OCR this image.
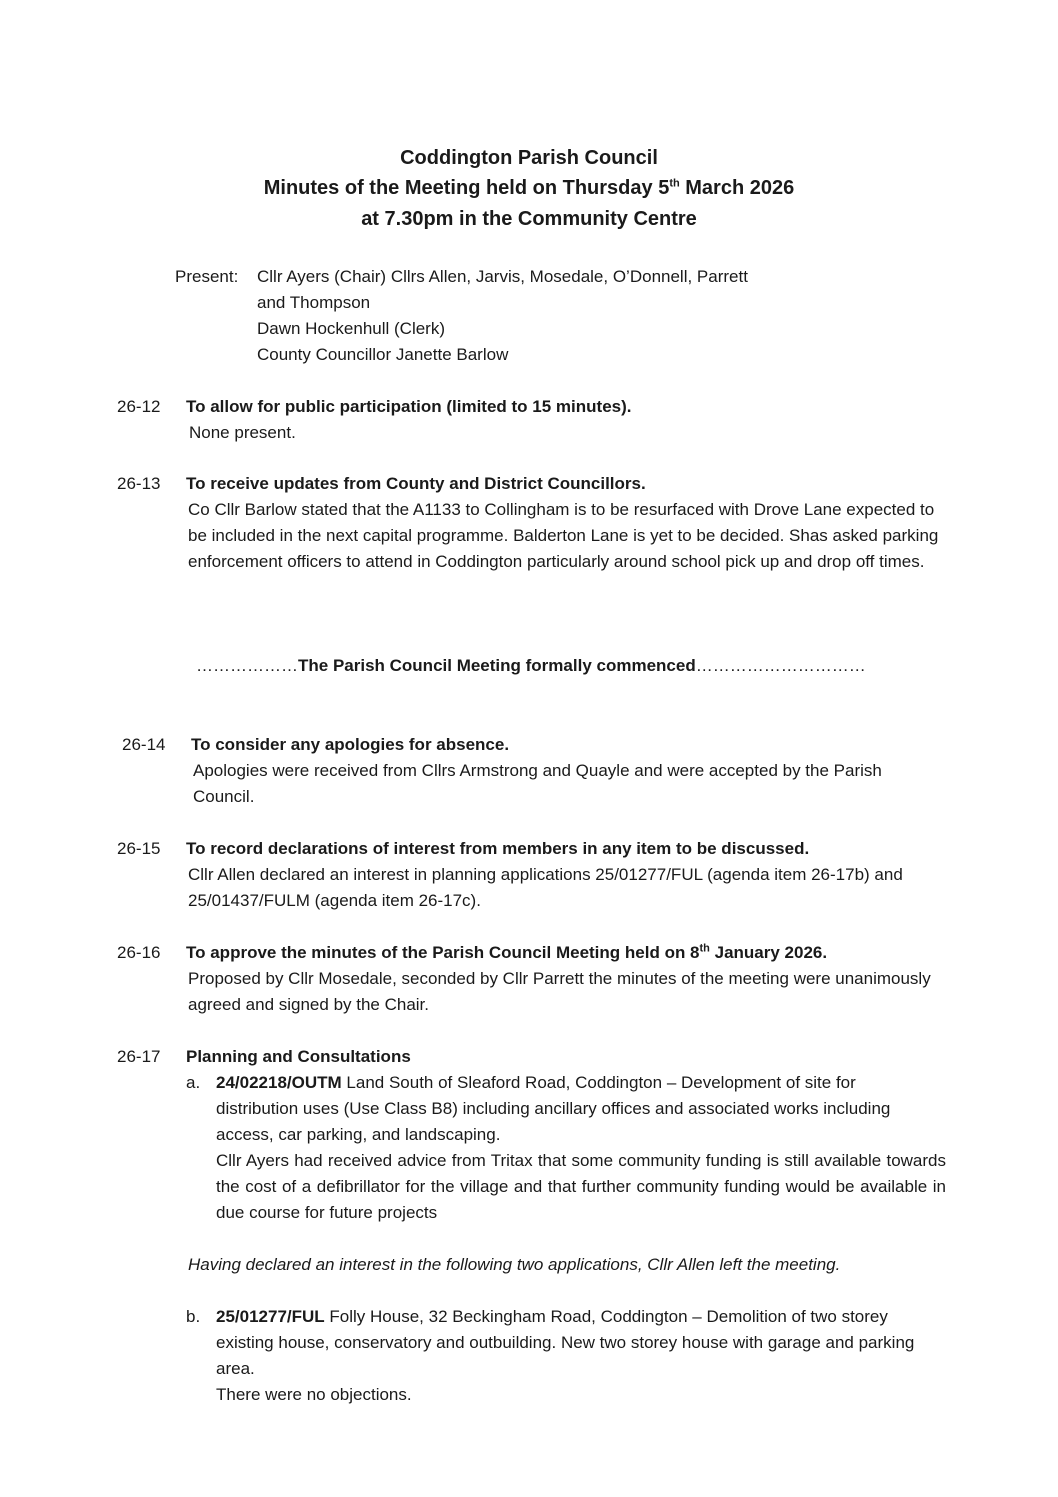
Coddington Parish Council
Minutes of the Meeting held on Thursday 5th March 2026
at 7.30pm in the Community Centre
Present: Cllr Ayers (Chair) Cllrs Allen, Jarvis, Mosedale, O’Donnell, Parrett
and Thompson
Dawn Hockenhull (Clerk)
County Councillor Janette Barlow
26-12 To allow for public participation (limited to 15 minutes).
None present.
26-13 To receive updates from County and District Councillors.
Co Cllr Barlow stated that the A1133 to Collingham is to be resurfaced with Drove Lane expected to be included in the next capital programme. Balderton Lane is yet to be decided. Shas asked parking enforcement officers to attend in Coddington particularly around school pick up and drop off times.
………………The Parish Council Meeting formally commenced…………………………
26-14 To consider any apologies for absence.
Apologies were received from Cllrs Armstrong and Quayle and were accepted by the Parish Council.
26-15 To record declarations of interest from members in any item to be discussed.
Cllr Allen declared an interest in planning applications 25/01277/FUL (agenda item 26-17b) and 25/01437/FULM (agenda item 26-17c).
26-16 To approve the minutes of the Parish Council Meeting held on 8th January 2026.
Proposed by Cllr Mosedale, seconded by Cllr Parrett the minutes of the meeting were unanimously agreed and signed by the Chair.
26-17 Planning and Consultations
a. 24/02218/OUTM Land South of Sleaford Road, Coddington – Development of site for distribution uses (Use Class B8) including ancillary offices and associated works including access, car parking, and landscaping.
Cllr Ayers had received advice from Tritax that some community funding is still available towards the cost of a defibrillator for the village and that further community funding would be available in due course for future projects
Having declared an interest in the following two applications, Cllr Allen left the meeting.
b. 25/01277/FUL Folly House, 32 Beckingham Road, Coddington – Demolition of two storey existing house, conservatory and outbuilding. New two storey house with garage and parking area.
There were no objections.
